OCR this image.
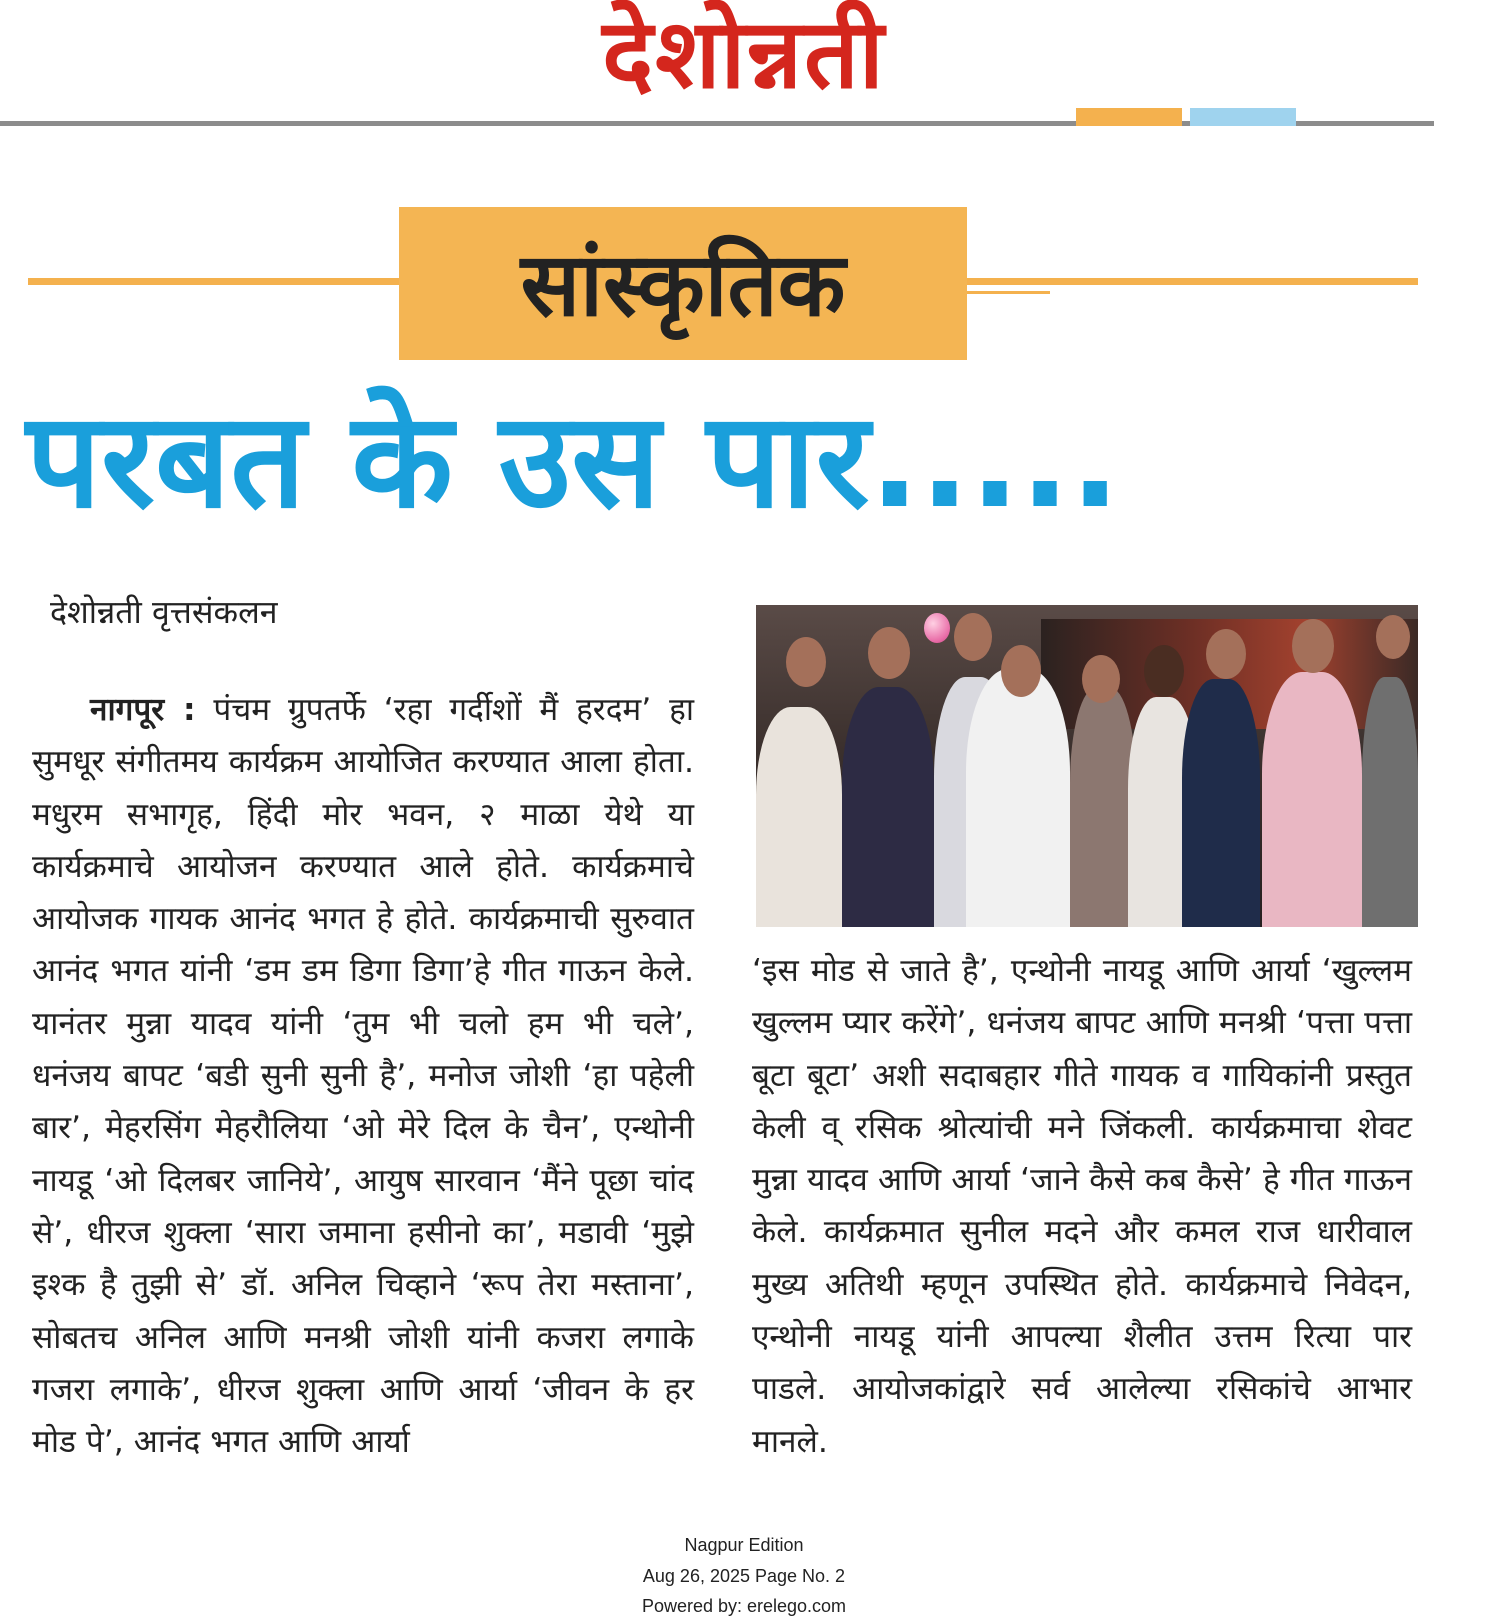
देशोन्नती
सांस्कृतिक
परबत के उस पार.....
देशोन्नती वृत्तसंकलन

नागपूर : पंचम ग्रुपतर्फे ‘रहा गर्दीशों मैं हरदम’ हा सुमधूर संगीतमय कार्यक्रम आयोजित करण्यात आला होता. मधुरम सभागृह, हिंदी मोर भवन, २ माळा येथे या कार्यक्रमाचे आयोजन करण्यात आले होते. कार्यक्रमाचे आयोजक गायक आनंद भगत हे होते. कार्यक्रमाची सुरुवात आनंद भगत यांनी ‘डम डम डिगा डिगा’हे गीत गाऊन केले. यानंतर मुन्ना यादव यांनी ‘तुम भी चलो हम भी चले’, धनंजय बापट ‘बडी सुनी सुनी है’, मनोज जोशी ‘हा पहेली बार’, मेहरसिंग मेहरौलिया ‘ओ मेरे दिल के चैन’, एन्थोनी नायडू ‘ओ दिलबर जानिये’, आयुष सारवान ‘मैंने पूछा चांद से’, धीरज शुक्ला ‘सारा जमाना हसीनो का’, मडावी ‘मुझे इश्क है तुझी से’ डॉ. अनिल चिव्हाने ‘रूप तेरा मस्ताना’, सोबतच अनिल आणि मनश्री जोशी यांनी कजरा लगाके गजरा लगाके’, धीरज शुक्ला आणि आर्या ‘जीवन के हर मोड पे’, आनंद भगत आणि आर्या

‘इस मोड से जाते है’, एन्थोनी नायडू आणि आर्या ‘खुल्लम खुल्लम प्यार करेंगे’, धनंजय बापट आणि मनश्री ‘पत्ता पत्ता बूटा बूटा’ अशी सदाबहार गीते गायक व गायिकांनी प्रस्तुत केली व् रसिक श्रोत्यांची मने जिंकली. कार्यक्रमाचा शेवट मुन्ना यादव आणि आर्या ‘जाने कैसे कब कैसे’ हे गीत गाऊन केले. कार्यक्रमात सुनील मदने और कमल राज धारीवाल मुख्य अतिथी म्हणून उपस्थित होते. कार्यक्रमाचे निवेदन, एन्थोनी नायडू यांनी आपल्या शैलीत उत्तम रित्या पार पाडले. आयोजकांद्वारे सर्व आलेल्या रसिकांचे आभार मानले.

Nagpur Edition
Aug 26, 2025 Page No. 2
Powered by: erelego.com
